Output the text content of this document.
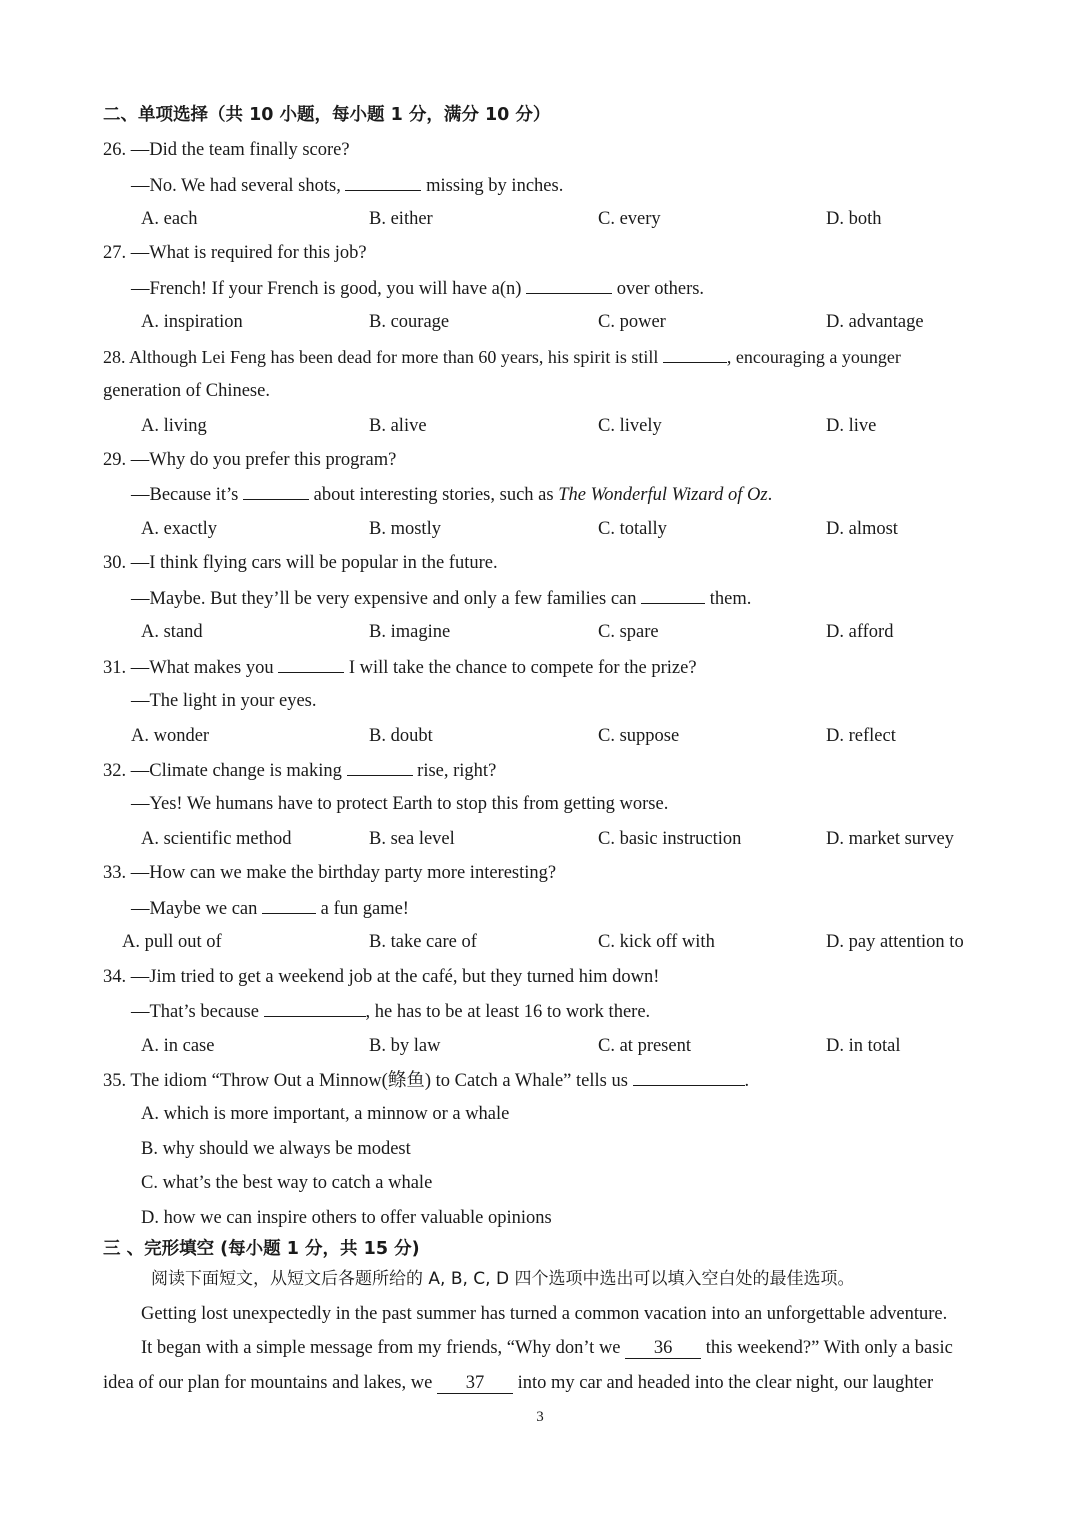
二、单项选择（共 10 小题，每小题 1 分，满分 10 分）
26. —Did the team finally score?
—No. We had several shots,	missing by inches.
A. each	B. either	C. every	D. both
27. —What is required for this job?
—French! If your French is good, you will have a(n)	over others.
A. inspiration	B. courage	C. power	D. advantage
28. Although Lei Feng has been dead for more than 60 years, his spirit is still	, encouraging a younger
generation of Chinese.
A. living	B. alive	C. lively	D. live
29. —Why do you prefer this program?
—Because it’s	about interesting stories, such as The Wonderful Wizard of Oz.
A. exactly	B. mostly	C. totally	D. almost
30. —I think flying cars will be popular in the future.
—Maybe. But they’ll be very expensive and only a few families can	them.
A. stand	B. imagine	C. spare	D. afford
31. —What makes you	I will take the chance to compete for the prize?
—The light in your eyes.
A. wonder	B. doubt	C. suppose	D. reflect
32. —Climate change is making	rise, right?
—Yes! We humans have to protect Earth to stop this from getting worse.
A. scientific method	B. sea level	C. basic instruction	D. market survey
33. —How can we make the birthday party more interesting?
—Maybe we can	a fun game!
A. pull out of	B. take care of	C. kick off with	D. pay attention to
34. —Jim tried to get a weekend job at the café, but they turned him down!
—That’s because	, he has to be at least 16 to work there.
A. in case	B. by law	C. at present	D. in total
35. The idiom “Throw Out a Minnow(鲦鱼) to Catch a Whale” tells us	.
A. which is more important, a minnow or a whale
B. why should we always be modest
C. what’s the best way to catch a whale
D. how we can inspire others to offer valuable opinions
三 、完形填空 (每小题 1 分，共 15 分)
阅读下面短文，从短文后各题所给的 A, B, C, D 四个选项中选出可以填入空白处的最佳选项。
Getting lost unexpectedly in the past summer has turned a common vacation into an unforgettable adventure.
It began with a simple message from my friends, “Why don’t we 36 this weekend?” With only a basic
idea of our plan for mountains and lakes, we 37 into my car and headed into the clear night, our laughter
3
